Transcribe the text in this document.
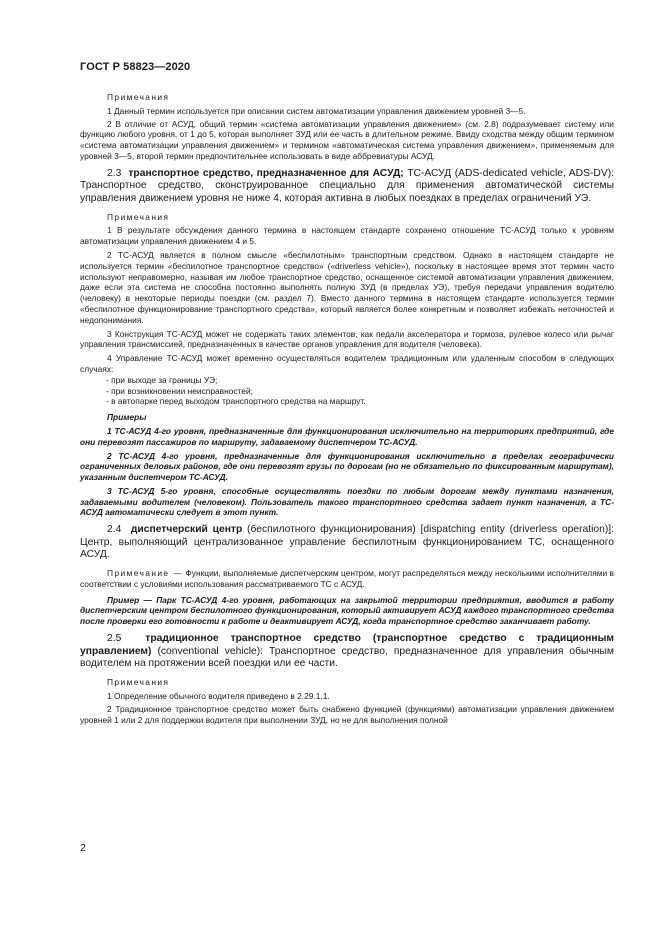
ГОСТ Р 58823—2020

Примечания

1 Данный термин используется при описании систем автоматизации управления движением уровней 3—5.

2 В отличие от АСУД, общий термин «система автоматизации управления движением» (см. 2.8) подразумевает систему или функцию любого уровня, от 1 до 5, которая выполняет ЗУД или ее часть в длительном режиме. Ввиду сходства между общим термином «система автоматизации управления движением» и термином «автоматическая система управления движением», применяемым для уровней 3—5, второй термин предпочтительнее использовать в виде аббревиатуры АСУД.

2.3 транспортное средство, предназначенное для АСУД; ТС-АСУД (ADS-dedicated vehicle, ADS-DV): Транспортное средство, сконструированное специально для применения автоматической системы управления движением уровня не ниже 4, которая активна в любых поездках в пределах ограничений УЭ.

Примечания

1 В результате обсуждения данного термина в настоящем стандарте сохранено отношение ТС-АСУД только к уровням автоматизации управления движением 4 и 5.

2 ТС-АСУД является в полном смысле «беспилотным» транспортным средством. Однако в настоящем стандарте не используется термин «беспилотное транспортное средство» («driverless vehicle»), поскольку в настоящее время этот термин часто используют неправомерно, называя им любое транспортное средство, оснащенное системой автоматизации управления движением, даже если эта система не способна постоянно выполнять полную ЗУД (в пределах УЭ), требуя передачи управления водителю (человеку) в некоторые периоды поездки (см. раздел 7). Вместо данного термина в настоящем стандарте используется термин «беспилотное функционирование транспортного средства», который является более конкретным и позволяет избежать неточностей и недопонимания.

3 Конструкция ТС-АСУД может не содержать таких элементов, как педали акселератора и тормоза, рулевое колесо или рычаг управления трансмиссией, предназначенных в качестве органов управления для водителя (человека).

4 Управление ТС-АСУД может временно осуществляться водителем традиционным или удаленным способом в следующих случаях:

- при выходе за границы УЭ;

- при возникновении неисправностей;

- в автопарке перед выходом транспортного средства на маршрут.

Примеры

1 ТС-АСУД 4-го уровня, предназначенные для функционирования исключительно на территориях предприятий, где они перевозят пассажиров по маршруту, задаваемому диспетчером ТС-АСУД.

2 ТС-АСУД 4-го уровня, предназначенные для функционирования исключительно в пределах географически ограниченных деловых районов, где они перевозят грузы по дорогам (но не обязательно по фиксированным маршрутам), указанным диспетчером ТС-АСУД.

3 ТС-АСУД 5-го уровня, способные осуществлять поездки по любым дорогам между пунктами назначения, задаваемыми водителем (человеком). Пользователь такого транспортного средства задает пункт назначения, а ТС-АСУД автоматически следует в этот пункт.

2.4 диспетчерский центр (беспилотного функционирования) [dispatching entity (driverless operation)]: Центр, выполняющий централизованное управление беспилотным функционированием ТС, оснащенного АСУД.

Примечание — Функции, выполняемые диспетчерским центром, могут распределяться между несколькими исполнителями в соответствии с условиями использования рассматриваемого ТС с АСУД.

Пример — Парк ТС-АСУД 4-го уровня, работающих на закрытой территории предприятия, вводится в работу диспетчерским центром беспилотного функционирования, который активирует АСУД каждого транспортного средства после проверки его готовности к работе и деактивирует АСУД, когда транспортное средство заканчивает работу.

2.5 традиционное транспортное средство (транспортное средство с традиционным управлением) (conventional vehicle): Транспортное средство, предназначенное для управления обычным водителем на протяжении всей поездки или ее части.

Примечания

1 Определение обычного водителя приведено в 2.29.1.1.

2 Традиционное транспортное средство может быть снабжено функцией (функциями) автоматизации управления движением уровней 1 или 2 для поддержки водителя при выполнении ЗУД, но не для выполнения полной

2
